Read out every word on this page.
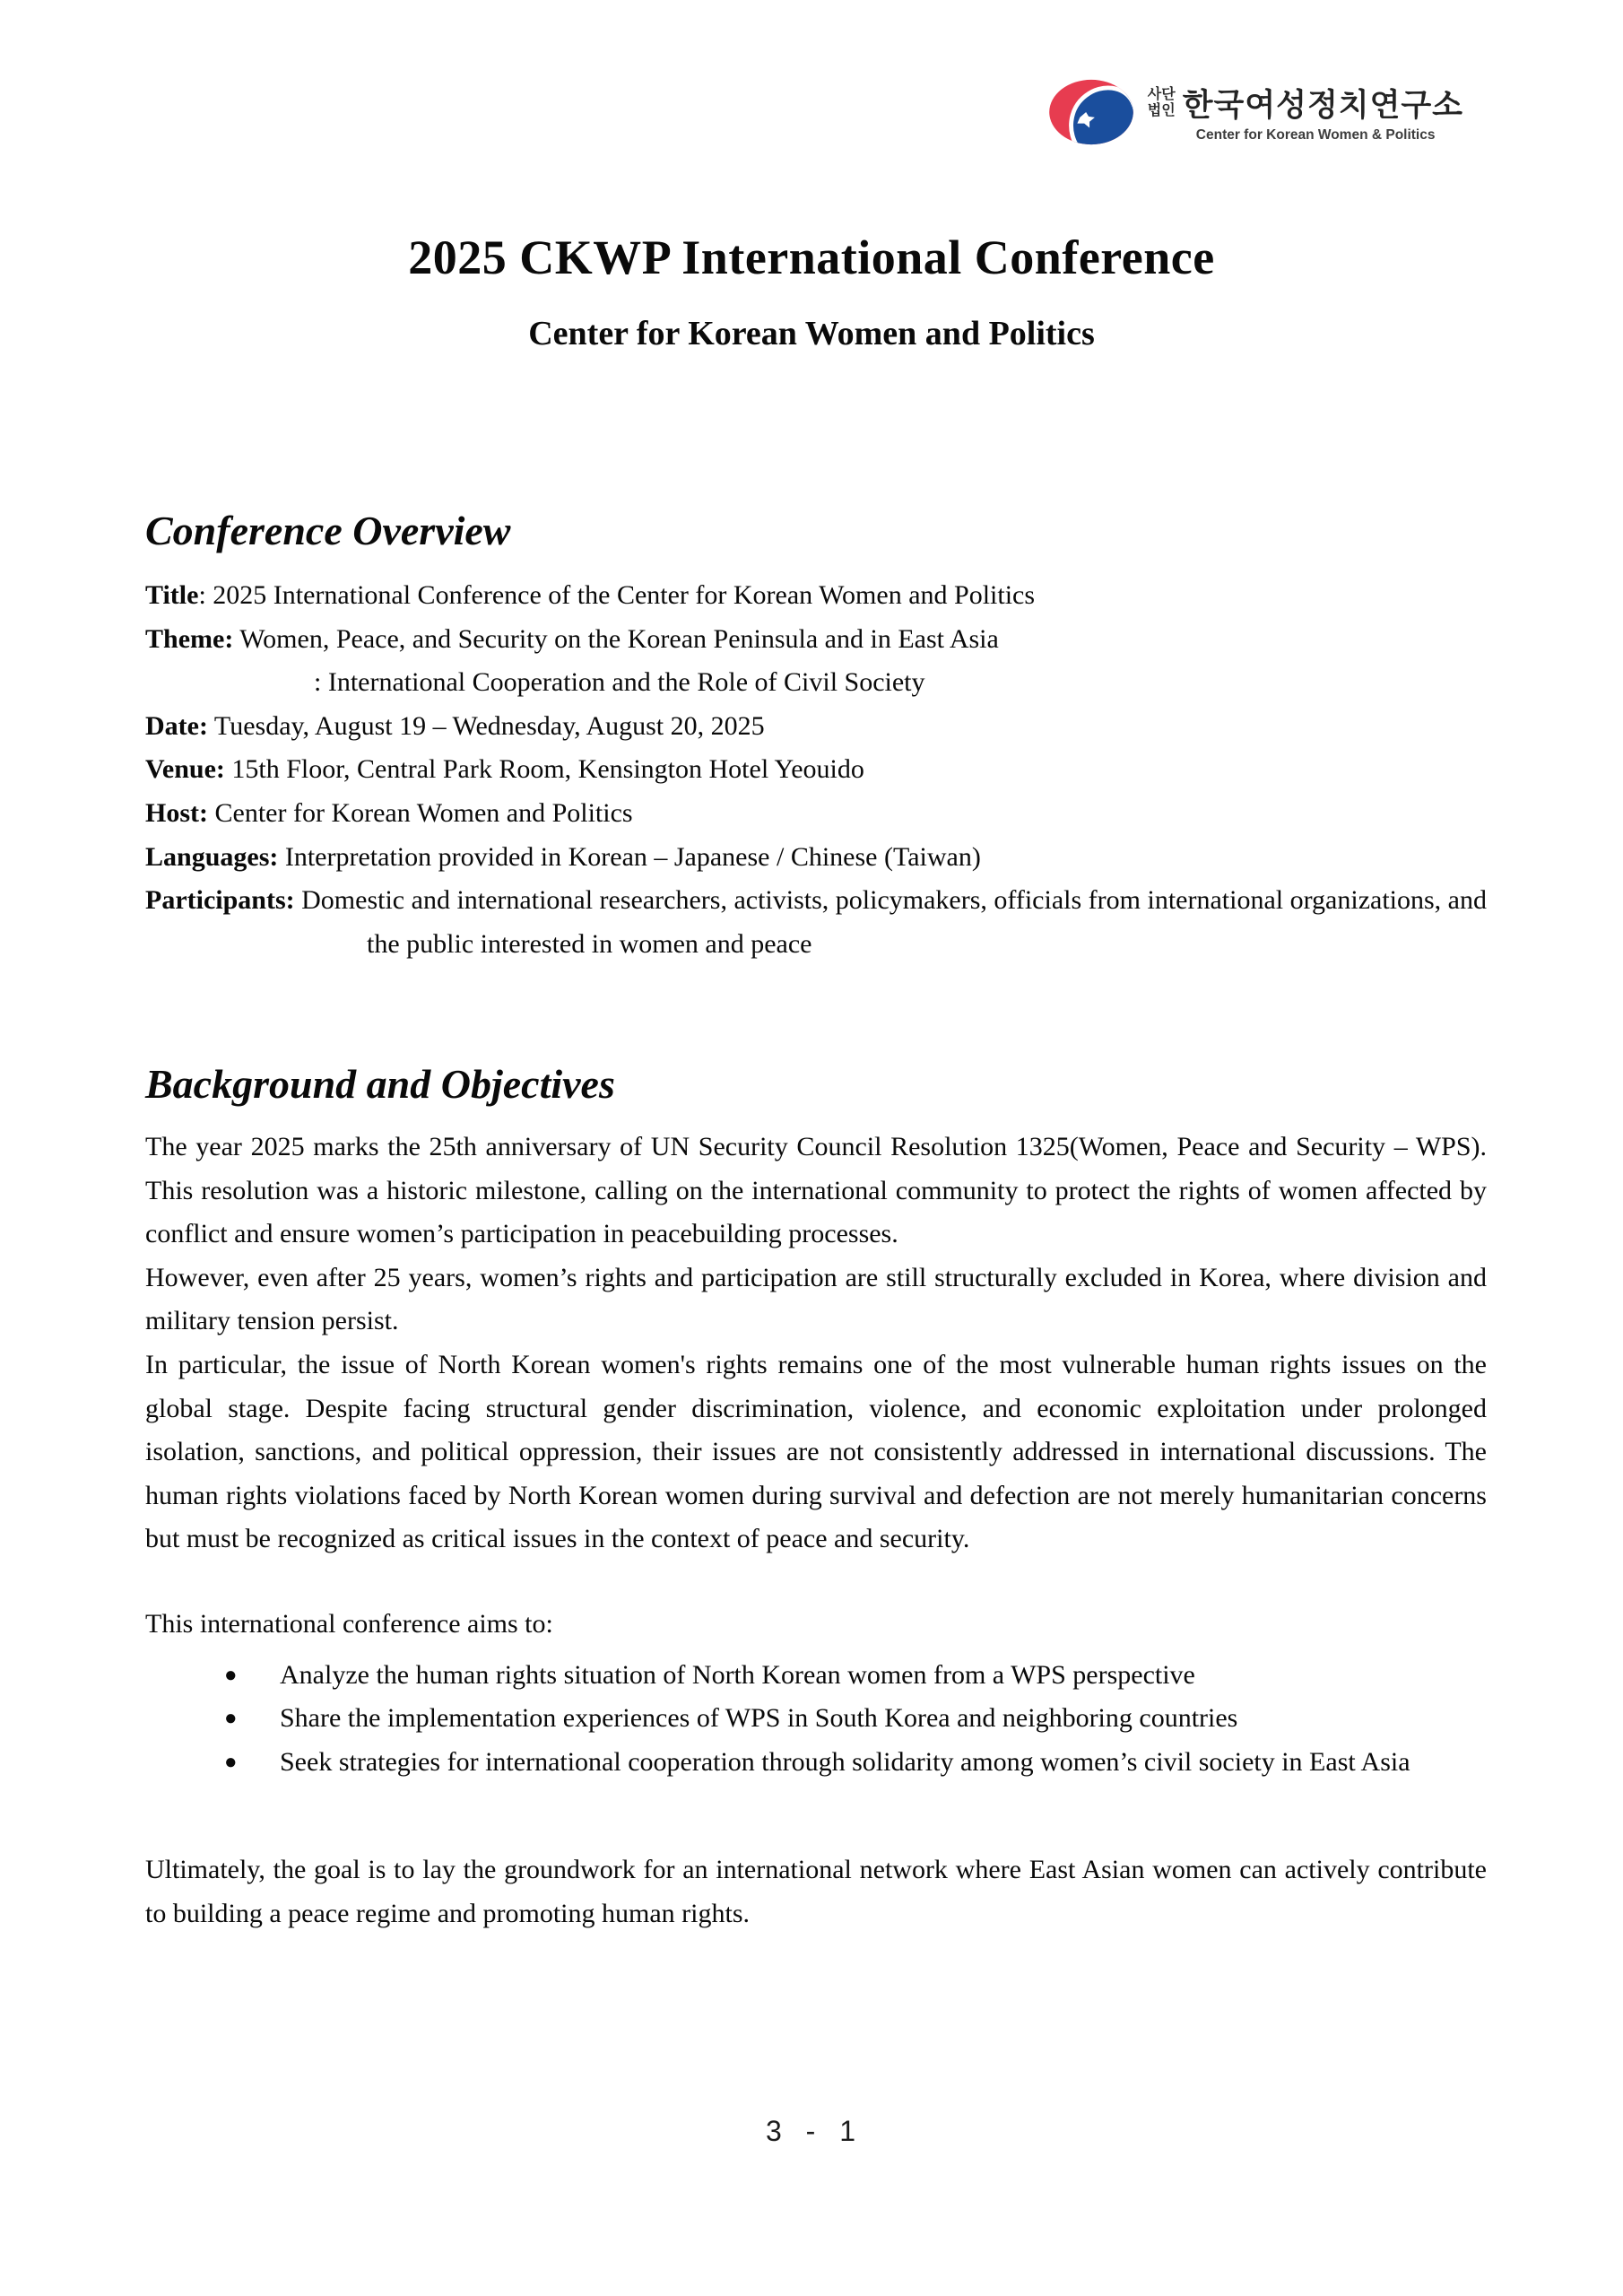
사단
법인 한국여성정치연구소
Center for Korean Women & Politics
2025 CKWP International Conference
Center for Korean Women and Politics
Conference Overview
Title: 2025 International Conference of the Center for Korean Women and Politics
Theme: Women, Peace, and Security on the Korean Peninsula and in East Asia
: International Cooperation and the Role of Civil Society
Date: Tuesday, August 19 – Wednesday, August 20, 2025
Venue: 15th Floor, Central Park Room, Kensington Hotel Yeouido
Host: Center for Korean Women and Politics
Languages: Interpretation provided in Korean – Japanese / Chinese (Taiwan)
Participants: Domestic and international researchers, activists, policymakers, officials from international organizations, and the public interested in women and peace
Background and Objectives

The year 2025 marks the 25th anniversary of UN Security Council Resolution 1325(Women, Peace and Security – WPS). This resolution was a historic milestone, calling on the international community to protect the rights of women affected by conflict and ensure women’s participation in peacebuilding processes.

However, even after 25 years, women’s rights and participation are still structurally excluded in Korea, where division and military tension persist.

In particular, the issue of North Korean women's rights remains one of the most vulnerable human rights issues on the global stage. Despite facing structural gender discrimination, violence, and economic exploitation under prolonged isolation, sanctions, and political oppression, their issues are not consistently addressed in international discussions. The human rights violations faced by North Korean women during survival and defection are not merely humanitarian concerns but must be recognized as critical issues in the context of peace and security.

This international conference aims to:
● Analyze the human rights situation of North Korean women from a WPS perspective
● Share the implementation experiences of WPS in South Korea and neighboring countries
● Seek strategies for international cooperation through solidarity among women’s civil society in East Asia

Ultimately, the goal is to lay the groundwork for an international network where East Asian women can actively contribute to building a peace regime and promoting human rights.

3 - 1
